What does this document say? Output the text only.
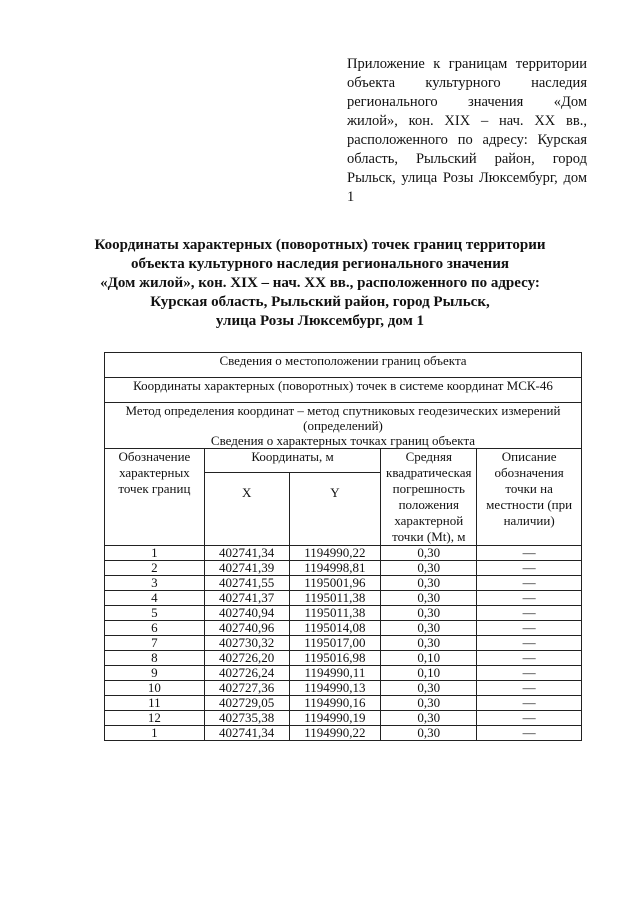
Приложение к границам территории объекта культурного наследия регионального значения «Дом жилой», кон. XIX – нач. XX вв., расположенного по адресу: Курская область, Рыльский район, город Рыльск, улица Розы Люксембург, дом 1
Координаты характерных (поворотных) точек границ территории
объекта культурного наследия регионального значения
«Дом жилой», кон. XIX – нач. XX вв., расположенного по адресу:
Курская область, Рыльский район, город Рыльск,
улица Розы Люксембург, дом 1
Сведения о местоположении границ объекта				
Координаты характерных (поворотных) точек в системе координат МСК-46				

Метод определения координат – метод спутниковых геодезических измерений (определений)
Сведения о характерных точках границ объекта				

Обозначение характерных точек границ	Координаты, м		Средняя квадратическая погрешность положения характерной точки (Mt), м	Описание обозначения точки на местности (при наличии)
	X	Y		
1	402741,34	1194990,22	0,30	—
2	402741,39	1194998,81	0,30	—
3	402741,55	1195001,96	0,30	—
4	402741,37	1195011,38	0,30	—
5	402740,94	1195011,38	0,30	—
6	402740,96	1195014,08	0,30	—
7	402730,32	1195017,00	0,30	—
8	402726,20	1195016,98	0,10	—
9	402726,24	1194990,11	0,10	—
10	402727,36	1194990,13	0,30	—
11	402729,05	1194990,16	0,30	—
12	402735,38	1194990,19	0,30	—
1	402741,34	1194990,22	0,30	—
